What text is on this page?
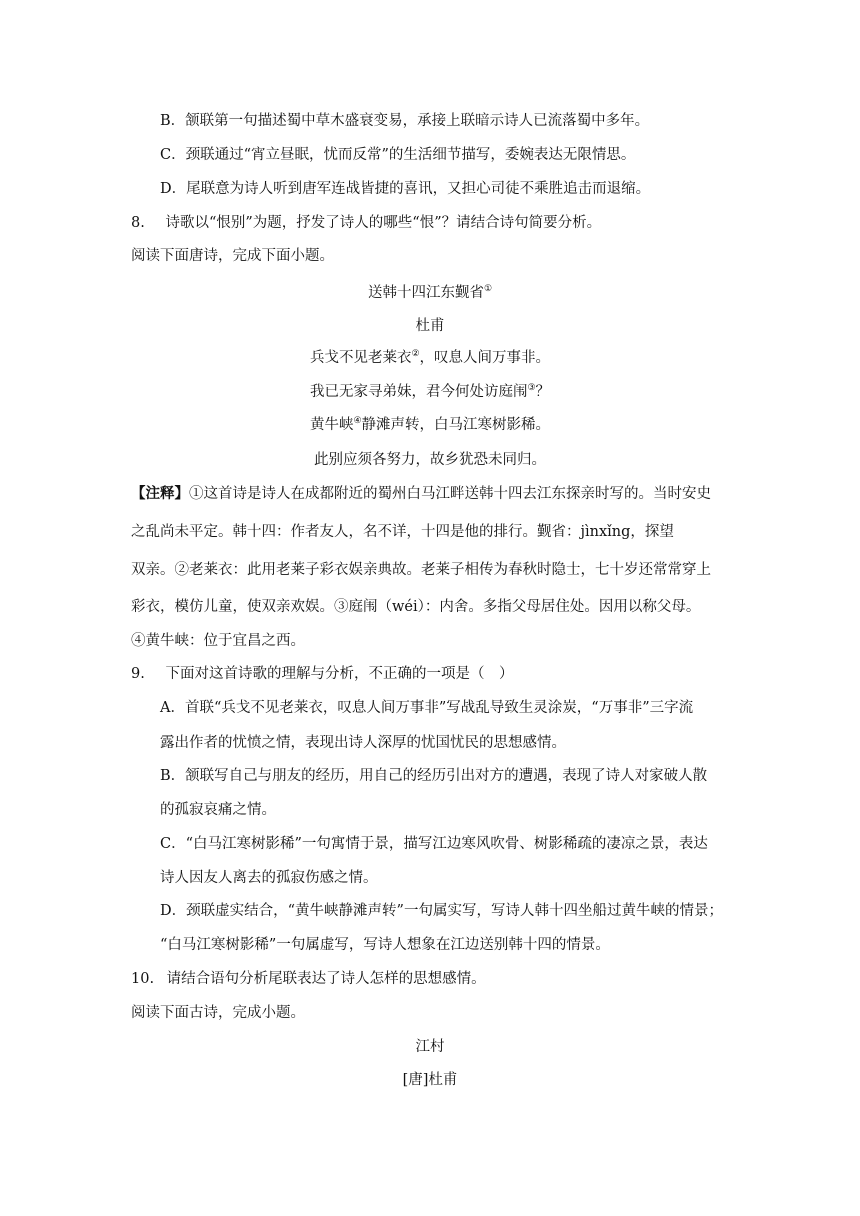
B．颔联第一句描述蜀中草木盛衰变易，承接上联暗示诗人已流落蜀中多年。
C．颈联通过“宵立昼眠，忧而反常”的生活细节描写，委婉表达无限情思。
D．尾联意为诗人听到唐军连战皆捷的喜讯，又担心司徒不乘胜追击而退缩。
8. 诗歌以“恨别”为题，抒发了诗人的哪些“恨”？请结合诗句简要分析。
阅读下面唐诗，完成下面小题。
送韩十四江东觐省①
杜甫
兵戈不见老莱衣②，叹息人间万事非。
我已无家寻弟妹，君今何处访庭闱③？
黄牛峡④静滩声转，白马江寒树影稀。
此别应须各努力，故乡犹恐未同归。
【注释】①这首诗是诗人在成都附近的蜀州白马江畔送韩十四去江东探亲时写的。当时安史
之乱尚未平定。韩十四：作者友人，名不详，十四是他的排行。觐省：jìnxǐng，探望
双亲。②老莱衣：此用老莱子彩衣娱亲典故。老莱子相传为春秋时隐士，七十岁还常常穿上
彩衣，模仿儿童，使双亲欢娱。③庭闱（wéi）：内舍。多指父母居住处。因用以称父母。
④黄牛峡：位于宜昌之西。
9. 下面对这首诗歌的理解与分析，不正确的一项是（　）
A．首联“兵戈不见老莱衣，叹息人间万事非”写战乱导致生灵涂炭，“万事非”三字流
露出作者的忧愤之情，表现出诗人深厚的忧国忧民的思想感情。
B．颔联写自己与朋友的经历，用自己的经历引出对方的遭遇，表现了诗人对家破人散
的孤寂哀痛之情。
C．“白马江寒树影稀”一句寓情于景，描写江边寒风吹骨、树影稀疏的凄凉之景，表达
诗人因友人离去的孤寂伤感之情。
D．颈联虚实结合，“黄牛峡静滩声转”一句属实写，写诗人韩十四坐船过黄牛峡的情景；
“白马江寒树影稀”一句属虚写，写诗人想象在江边送别韩十四的情景。
10. 请结合语句分析尾联表达了诗人怎样的思想感情。
阅读下面古诗，完成小题。
江村
[唐]杜甫
